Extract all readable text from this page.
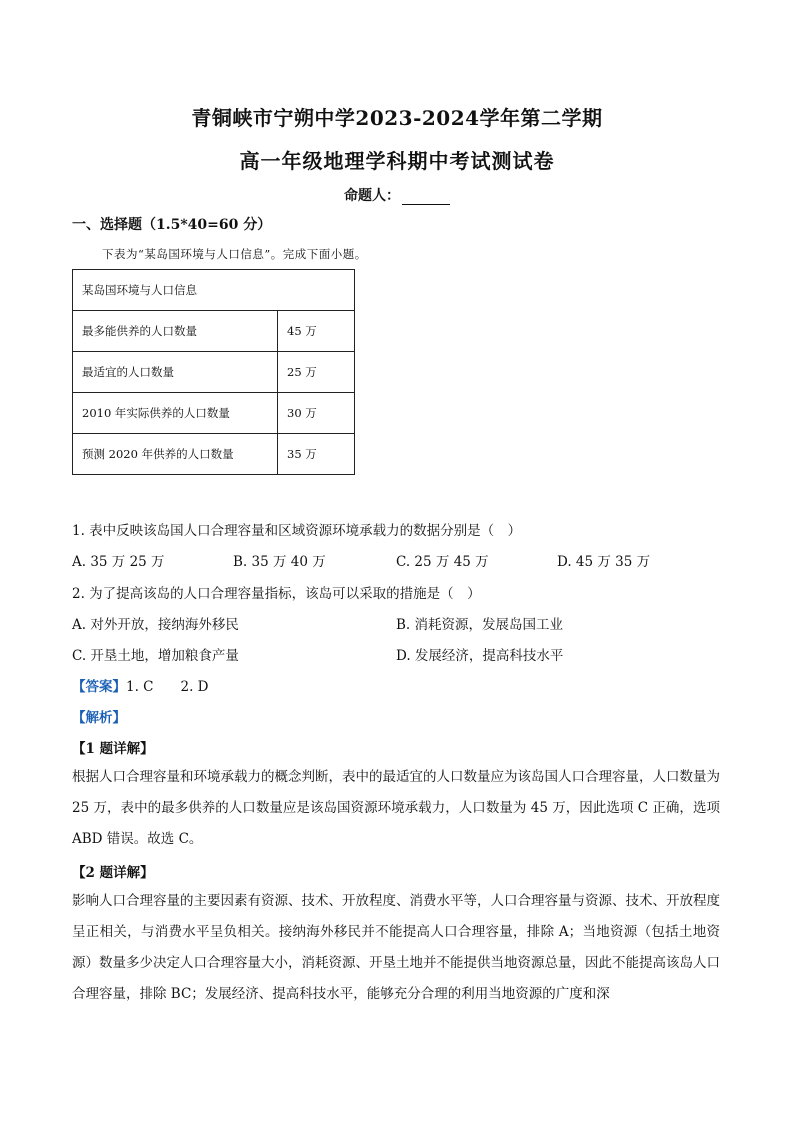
青铜峡市宁朔中学2023-2024学年第二学期
高一年级地理学科期中考试测试卷
命题人：
一、选择题（1.5*40=60 分）
下表为“某岛国环境与人口信息”。完成下面小题。
某岛国环境与人口信息	
最多能供养的人口数量	45 万
最适宜的人口数量	25 万
2010 年实际供养的人口数量	30 万
预测 2020 年供养的人口数量	35 万
1. 表中反映该岛国人口合理容量和区域资源环境承载力的数据分别是（　）
A. 35 万 25 万	B. 35 万 40 万	C. 25 万 45 万	D. 45 万 35 万
2. 为了提高该岛的人口合理容量指标，该岛可以采取的措施是（　）
A. 对外开放，接纳海外移民	B. 消耗资源，发展岛国工业
C. 开垦土地，增加粮食产量	D. 发展经济，提高科技水平
【答案】1. C　　2. D
【解析】
【1 题详解】
根据人口合理容量和环境承载力的概念判断，表中的最适宜的人口数量应为该岛国人口合理容量，人口数量为 25 万，表中的最多供养的人口数量应是该岛国资源环境承载力，人口数量为 45 万，因此选项 C 正确，选项 ABD 错误。故选 C。
【2 题详解】
影响人口合理容量的主要因素有资源、技术、开放程度、消费水平等，人口合理容量与资源、技术、开放程度呈正相关，与消费水平呈负相关。接纳海外移民并不能提高人口合理容量，排除 A；当地资源（包括土地资源）数量多少决定人口合理容量大小，消耗资源、开垦土地并不能提供当地资源总量，因此不能提高该岛人口合理容量，排除 BC；发展经济、提高科技水平，能够充分合理的利用当地资源的广度和深
